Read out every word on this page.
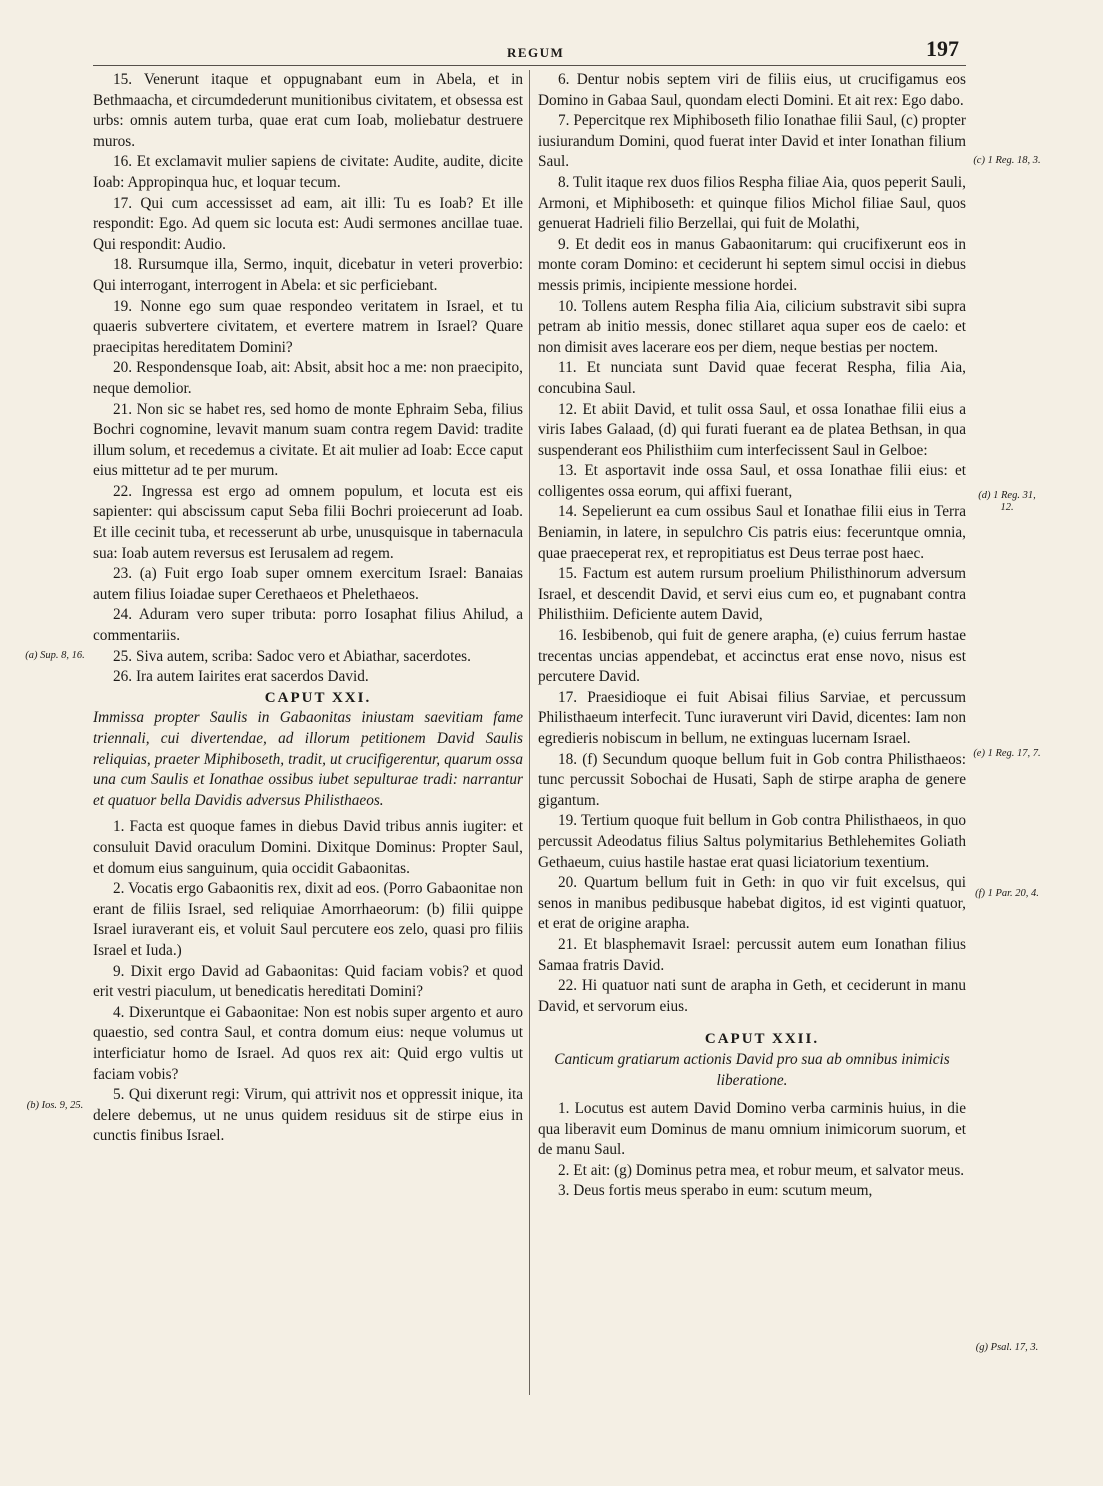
REGUM	197

15. Venerunt itaque et oppugnabant eum in Abela, et in Bethmaacha, et circumdederunt munitionibus civitatem, et obsessa est urbs: omnis autem turba, quae erat cum Ioab, moliebatur destruere muros.

16. Et exclamavit mulier sapiens de civitate: Audite, audite, dicite Ioab: Appropinqua huc, et loquar tecum.

17. Qui cum accessisset ad eam, ait illi: Tu es Ioab? Et ille respondit: Ego. Ad quem sic locuta est: Audi sermones ancillae tuae. Qui respondit: Audio.

18. Rursumque illa, Sermo, inquit, dicebatur in veteri proverbio: Qui interrogant, interrogent in Abela: et sic perficiebant.

19. Nonne ego sum quae respondeo veritatem in Israel, et tu quaeris subvertere civitatem, et evertere matrem in Israel? Quare praecipitas hereditatem Domini?

20. Respondensque Ioab, ait: Absit, absit hoc a me: non praecipito, neque demolior.

21. Non sic se habet res, sed homo de monte Ephraim Seba, filius Bochri cognomine, levavit manum suam contra regem David: tradite illum solum, et recedemus a civitate. Et ait mulier ad Ioab: Ecce caput eius mittetur ad te per murum.

22. Ingressa est ergo ad omnem populum, et locuta est eis sapienter: qui abscissum caput Seba filii Bochri proiecerunt ad Ioab. Et ille cecinit tuba, et recesserunt ab urbe, unusquisque in tabernacula sua: Ioab autem reversus est Ierusalem ad regem.

23. (a) Fuit ergo Ioab super omnem exercitum Israel: Banaias autem filius Ioiadae super Cerethaeos et Phelethaeos.

24. Aduram vero super tributa: porro Iosaphat filius Ahilud, a commentariis.

25. Siva autem, scriba: Sadoc vero et Abiathar, sacerdotes.

26. Ira autem Iairites erat sacerdos David.

CAPUT XXI.

Immissa propter Saulis in Gabaonitas iniustam saevitiam fame triennali, cui divertendae, ad illorum petitionem David Saulis reliquias, praeter Miphiboseth, tradit, ut crucifigerentur, quarum ossa una cum Saulis et Ionathae ossibus iubet sepulturae tradi: narrantur et quatuor bella Davidis adversus Philisthaeos.

1. Facta est quoque fames in diebus David tribus annis iugiter: et consuluit David oraculum Domini. Dixitque Dominus: Propter Saul, et domum eius sanguinum, quia occidit Gabaonitas.

2. Vocatis ergo Gabaonitis rex, dixit ad eos. (Porro Gabaonitae non erant de filiis Israel, sed reliquiae Amorrhaeorum: (b) filii quippe Israel iuraverant eis, et voluit Saul percutere eos zelo, quasi pro filiis Israel et Iuda.)

9. Dixit ergo David ad Gabaonitas: Quid faciam vobis? et quod erit vestri piaculum, ut benedicatis hereditati Domini?

4. Dixeruntque ei Gabaonitae: Non est nobis super argento et auro quaestio, sed contra Saul, et contra domum eius: neque volumus ut interficiatur homo de Israel. Ad quos rex ait: Quid ergo vultis ut faciam vobis?

5. Qui dixerunt regi: Virum, qui attrivit nos et oppressit inique, ita delere debemus, ut ne unus quidem residuus sit de stirpe eius in cunctis finibus Israel.

6. Dentur nobis septem viri de filiis eius, ut crucifigamus eos Domino in Gabaa Saul, quondam electi Domini. Et ait rex: Ego dabo.

7. Pepercitque rex Miphiboseth filio Ionathae filii Saul, (c) propter iusiurandum Domini, quod fuerat inter David et inter Ionathan filium Saul.

8. Tulit itaque rex duos filios Respha filiae Aia, quos peperit Sauli, Armoni, et Miphiboseth: et quinque filios Michol filiae Saul, quos genuerat Hadrieli filio Berzellai, qui fuit de Molathi,

9. Et dedit eos in manus Gabaonitarum: qui crucifixerunt eos in monte coram Domino: et ceciderunt hi septem simul occisi in diebus messis primis, incipiente messione hordei.

10. Tollens autem Respha filia Aia, cilicium substravit sibi supra petram ab initio messis, donec stillaret aqua super eos de caelo: et non dimisit aves lacerare eos per diem, neque bestias per noctem.

11. Et nunciata sunt David quae fecerat Respha, filia Aia, concubina Saul.

12. Et abiit David, et tulit ossa Saul, et ossa Ionathae filii eius a viris Iabes Galaad, (d) qui furati fuerant ea de platea Bethsan, in qua suspenderant eos Philisthiim cum interfecissent Saul in Gelboe:

13. Et asportavit inde ossa Saul, et ossa Ionathae filii eius: et colligentes ossa eorum, qui affixi fuerant,

14. Sepelierunt ea cum ossibus Saul et Ionathae filii eius in Terra Beniamin, in latere, in sepulchro Cis patris eius: feceruntque omnia, quae praeceperat rex, et repropitiatus est Deus terrae post haec.

15. Factum est autem rursum proelium Philisthinorum adversum Israel, et descendit David, et servi eius cum eo, et pugnabant contra Philisthiim. Deficiente autem David,

16. Iesbibenob, qui fuit de genere arapha, (e) cuius ferrum hastae trecentas uncias appendebat, et accinctus erat ense novo, nisus est percutere David.

17. Praesidioque ei fuit Abisai filius Sarviae, et percussum Philisthaeum interfecit. Tunc iuraverunt viri David, dicentes: Iam non egredieris nobiscum in bellum, ne extinguas lucernam Israel.

18. (f) Secundum quoque bellum fuit in Gob contra Philisthaeos: tunc percussit Sobochai de Husati, Saph de stirpe arapha de genere gigantum.

19. Tertium quoque fuit bellum in Gob contra Philisthaeos, in quo percussit Adeodatus filius Saltus polymitarius Bethlehemites Goliath Gethaeum, cuius hastile hastae erat quasi liciatorium texentium.

20. Quartum bellum fuit in Geth: in quo vir fuit excelsus, qui senos in manibus pedibusque habebat digitos, id est viginti quatuor, et erat de origine arapha.

21. Et blasphemavit Israel: percussit autem eum Ionathan filius Samaa fratris David.

22. Hi quatuor nati sunt de arapha in Geth, et ceciderunt in manu David, et servorum eius.

CAPUT XXII.

Canticum gratiarum actionis David pro sua ab omnibus inimicis liberatione.

1. Locutus est autem David Domino verba carminis huius, in die qua liberavit eum Dominus de manu omnium inimicorum suorum, et de manu Saul.

2. Et ait: (g) Dominus petra mea, et robur meum, et salvator meus.

3. Deus fortis meus sperabo in eum: scutum meum,

(a) Sup. 8, 16.
(b) Ios. 9, 25.
(c) 1 Reg. 18, 3.
(d) 1 Reg. 31, 12.
(e) 1 Reg. 17, 7.
(f) 1 Par. 20, 4.
(g) Psal. 17, 3.
